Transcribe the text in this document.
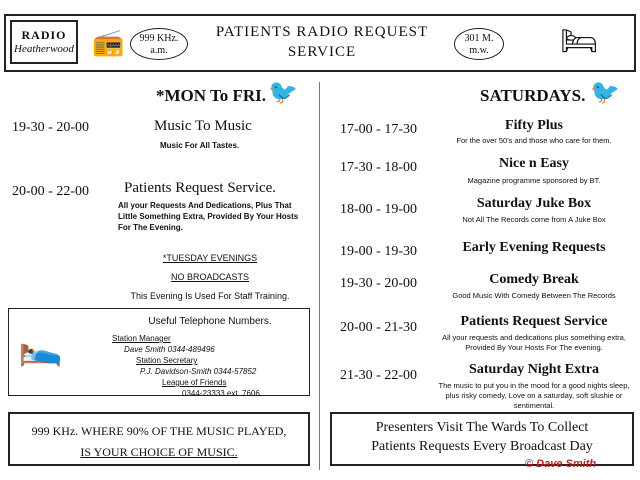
RADIO
Heatherwood 📻	999 KHz.
a.m.
PATIENTS RADIO REQUEST
SERVICE
301 M.
m.w.	🛏
*MON To FRI. 🐦
19-30 - 20-00	Music To Music
Music For All Tastes.
20-00 - 22-00 Patients Request Service.
All your Requests And Dedications, Plus That Little Something Extra, Provided By Your Hosts For The Evening.
*TUESDAY EVENINGS
NO BROADCASTS
This Evening Is Used For Staff Training.
🛌
Useful Telephone Numbers.
Station Manager
Dave Smith 0344-489496
Station Secretary
P.J. Davidson-Smith 0344-57852
League of Friends
0344-23333 ext. 7606
999 KHz. WHERE 90% OF THE MUSIC PLAYED,
IS YOUR CHOICE OF MUSIC.
SATURDAYS. 🐦
17-00 - 17-30	Fifty Plus
For the over 50's and those who care for them.
17-30 - 18-00	Nice n Easy
Magazine programme sponsored by BT.
18-00 - 19-00	Saturday Juke Box
Not All The Records come from A Juke Box
19-00 - 19-30	Early Evening Requests
19-30 - 20-00	Comedy Break
Good Music With Comedy Between The Records
20-00 - 21-30	Patients Request Service
All your requests and dedications plus something extra, Provided By Your Hosts For The evening.
21-30 - 22-00	Saturday Night Extra
The music to put you in the mood for a good nights sleep, plus risky comedy, Love on a saturday, soft slushie or sentimental.
Presenters Visit The Wards To Collect
Patients Requests Every Broadcast Day
© Dave Smith
